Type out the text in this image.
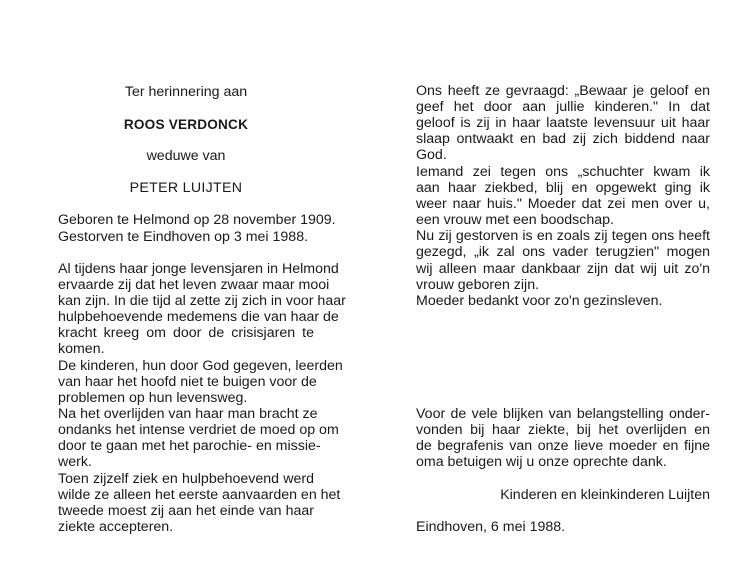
Ter herinnering aan
ROOS VERDONCK
weduwe van
PETER LUIJTEN
Geboren te Helmond op 28 november 1909.
Gestorven te Eindhoven op 3 mei 1988.
Al tijdens haar jonge levensjaren in Helmond
ervaarde zij dat het leven zwaar maar mooi
kan zijn. In die tijd al zette zij zich in voor haar
hulpbehoevende medemens die van haar de
kracht kreeg om door de crisisjaren te
komen.
De kinderen, hun door God gegeven, leerden
van haar het hoofd niet te buigen voor de
problemen op hun levensweg.
Na het overlijden van haar man bracht ze
ondanks het intense verdriet de moed op om
door te gaan met het parochie- en missie-
werk.
Toen zijzelf ziek en hulpbehoevend werd
wilde ze alleen het eerste aanvaarden en het
tweede moest zij aan het einde van haar
ziekte accepteren.
Ons heeft ze gevraagd: „Bewaar je geloof en
geef het door aan jullie kinderen." In dat
geloof is zij in haar laatste levensuur uit haar
slaap ontwaakt en bad zij zich biddend naar
God.
Iemand zei tegen ons „schuchter kwam ik
aan haar ziekbed, blij en opgewekt ging ik
weer naar huis." Moeder dat zei men over u,
een vrouw met een boodschap.
Nu zij gestorven is en zoals zij tegen ons heeft
gezegd, „ik zal ons vader terugzien" mogen
wij alleen maar dankbaar zijn dat wij uit zo'n
vrouw geboren zijn.
Moeder bedankt voor zo'n gezinsleven.
Voor de vele blijken van belangstelling onder-
vonden bij haar ziekte, bij het overlijden en
de begrafenis van onze lieve moeder en fijne
oma betuigen wij u onze oprechte dank.
Kinderen en kleinkinderen Luijten
Eindhoven, 6 mei 1988.
